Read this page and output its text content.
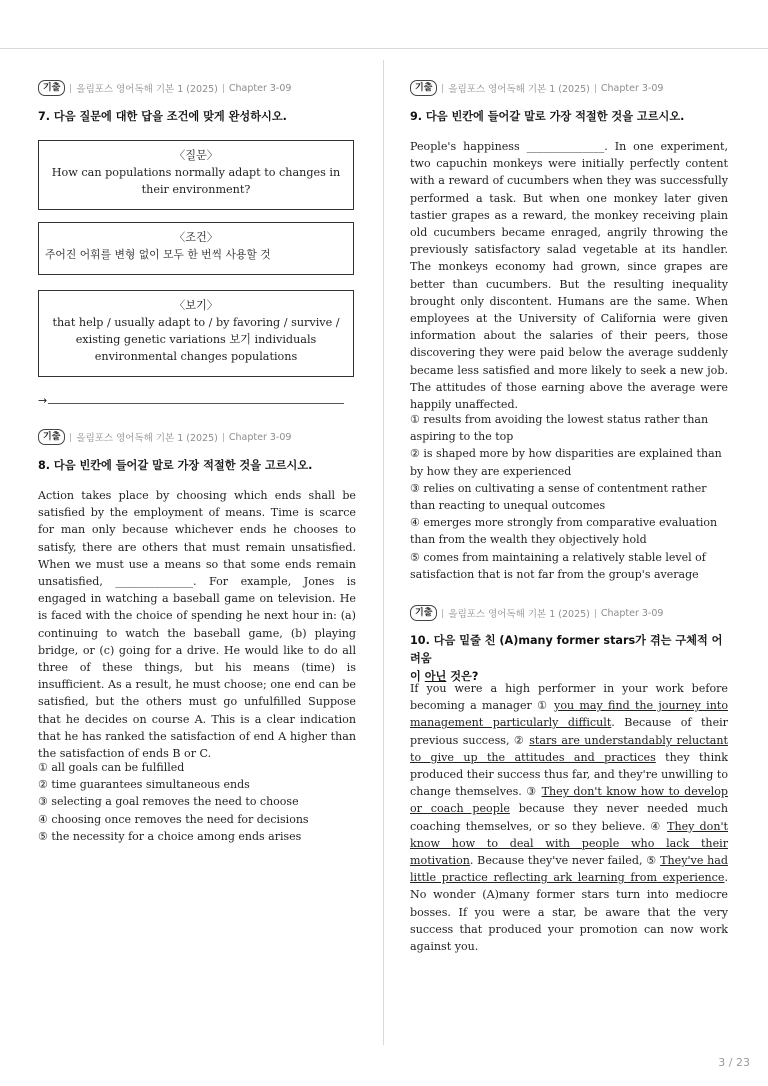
기출	올림포스 영어독해 기본 1 (2025) Chapter 3-09
7. 다음 질문에 대한 답을 조건에 맞게 완성하시오.
〈질문〉
How can populations normally adapt to changes in their environment?
〈조건〉
주어진 어휘를 변형 없이 모두 한 번씩 사용할 것
〈보기〉
that help / usually adapt to / by favoring / survive / existing genetic variations 보기 individuals environmental changes populations
→
기출	올림포스 영어독해 기본 1 (2025) Chapter 3-09
8. 다음 빈칸에 들어갈 말로 가장 적절한 것을 고르시오.
Action takes place by choosing which ends shall be satisfied by the employment of means. Time is scarce for man only because whichever ends he chooses to satisfy, there are others that must remain unsatisfied. When we must use a means so that some ends remain unsatisfied, ______________. For example, Jones is engaged in watching a baseball game on television. He is faced with the choice of spending he next hour in: (a) continuing to watch the baseball game, (b) playing bridge, or (c) going for a drive. He would like to do all three of these things, but his means (time) is insufficient. As a result, he must choose; one end can be satisfied, but the others must go unfulfilled Suppose that he decides on course A. This is a clear indication that he has ranked the satisfaction of end A higher than the satisfaction of ends B or C.
① all goals can be fulfilled
② time guarantees simultaneous ends
③ selecting a goal removes the need to choose
④ choosing once removes the need for decisions
⑤ the necessity for a choice among ends arises
기출	올림포스 영어독해 기본 1 (2025) Chapter 3-09
9. 다음 빈칸에 들어갈 말로 가장 적절한 것을 고르시오.
People's happiness ______________. In one experiment, two capuchin monkeys were initially perfectly content with a reward of cucumbers when they was successfully performed a task. But when one monkey later given tastier grapes as a reward, the monkey receiving plain old cucumbers became enraged, angrily throwing the previously satisfactory salad vegetable at its handler. The monkeys economy had grown, since grapes are better than cucumbers. But the resulting inequality brought only discontent. Humans are the same. When employees at the University of California were given information about the salaries of their peers, those discovering they were paid below the average suddenly became less satisfied and more likely to seek a new job. The attitudes of those earning above the average were happily unaffected.
① results from avoiding the lowest status rather than aspiring to the top
② is shaped more by how disparities are explained than by how they are experienced
③ relies on cultivating a sense of contentment rather than reacting to unequal outcomes
④ emerges more strongly from comparative evaluation than from the wealth they objectively hold
⑤ comes from maintaining a relatively stable level of satisfaction that is not far from the group's average
기출	올림포스 영어독해 기본 1 (2025) Chapter 3-09
10. 다음 밑줄 친 (A)many former stars가 겪는 구체적 어려움
이 아닌 것은?
If you were a high performer in your work before becoming a manager ① you may find the journey into management particularly difficult. Because of their previous success, ② stars are understandably reluctant to give up the attitudes and practices they think produced their success thus far, and they're unwilling to change themselves. ③ They don't know how to develop or coach people because they never needed much coaching themselves, or so they believe. ④ They don't know how to deal with people who lack their motivation. Because they've never failed, ⑤ They've had little practice reflecting ark learning from experience. No wonder (A)many former stars turn into mediocre bosses. If you were a star, be aware that the very success that produced your promotion can now work against you.
3 / 23
